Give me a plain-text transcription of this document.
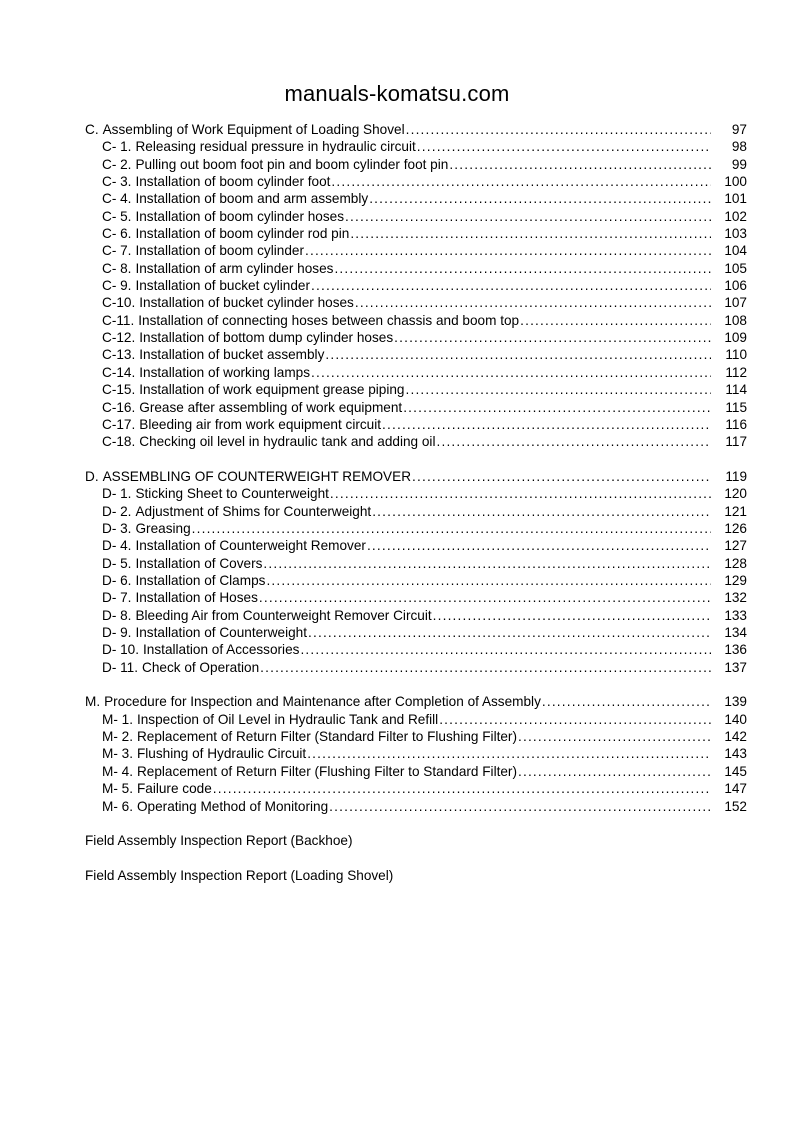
manuals-komatsu.com
C. Assembling of Work Equipment of Loading Shovel .....	97
C- 1. Releasing residual pressure in hydraulic circuit .....	98
C- 2. Pulling out boom foot pin and boom cylinder foot pin .....	99
C- 3. Installation of boom cylinder foot .....	100
C- 4. Installation of boom and arm assembly .....	101
C- 5. Installation of boom cylinder hoses .....	102
C- 6. Installation of boom cylinder rod pin .....	103
C- 7. Installation of boom cylinder .....	104
C- 8. Installation of arm cylinder hoses .....	105
C- 9. Installation of bucket cylinder .....	106
C-10. Installation of bucket cylinder hoses .....	107
C-11. Installation of connecting hoses between chassis and boom top .....	108
C-12. Installation of bottom dump cylinder hoses .....	109
C-13. Installation of bucket assembly .....	110
C-14. Installation of working lamps .....	112
C-15. Installation of work equipment grease piping .....	114
C-16. Grease after assembling of work equipment .....	115
C-17. Bleeding air from work equipment circuit .....	116
C-18. Checking oil level in hydraulic tank and adding oil .....	117
D. ASSEMBLING OF COUNTERWEIGHT REMOVER .....	119
D- 1. Sticking Sheet to Counterweight .....	120
D- 2. Adjustment of Shims for Counterweight .....	121
D- 3. Greasing .....	126
D- 4. Installation of Counterweight Remover .....	127
D- 5. Installation of Covers .....	128
D- 6. Installation of Clamps .....	129
D- 7. Installation of Hoses .....	132
D- 8. Bleeding Air from Counterweight Remover Circuit .....	133
D- 9. Installation of Counterweight .....	134
D- 10. Installation of Accessories .....	136
D- 11. Check of Operation .....	137
M. Procedure for Inspection and Maintenance after Completion of Assembly .....	139
M- 1. Inspection of Oil Level in Hydraulic Tank and Refill .....	140
M- 2. Replacement of Return Filter (Standard Filter to Flushing Filter) .....	142
M- 3. Flushing of Hydraulic Circuit .....	143
M- 4. Replacement of Return Filter (Flushing Filter to Standard Filter) .....	145
M- 5. Failure code .....	147
M- 6. Operating Method of Monitoring .....	152
Field Assembly Inspection Report (Backhoe)
Field Assembly Inspection Report (Loading Shovel)
